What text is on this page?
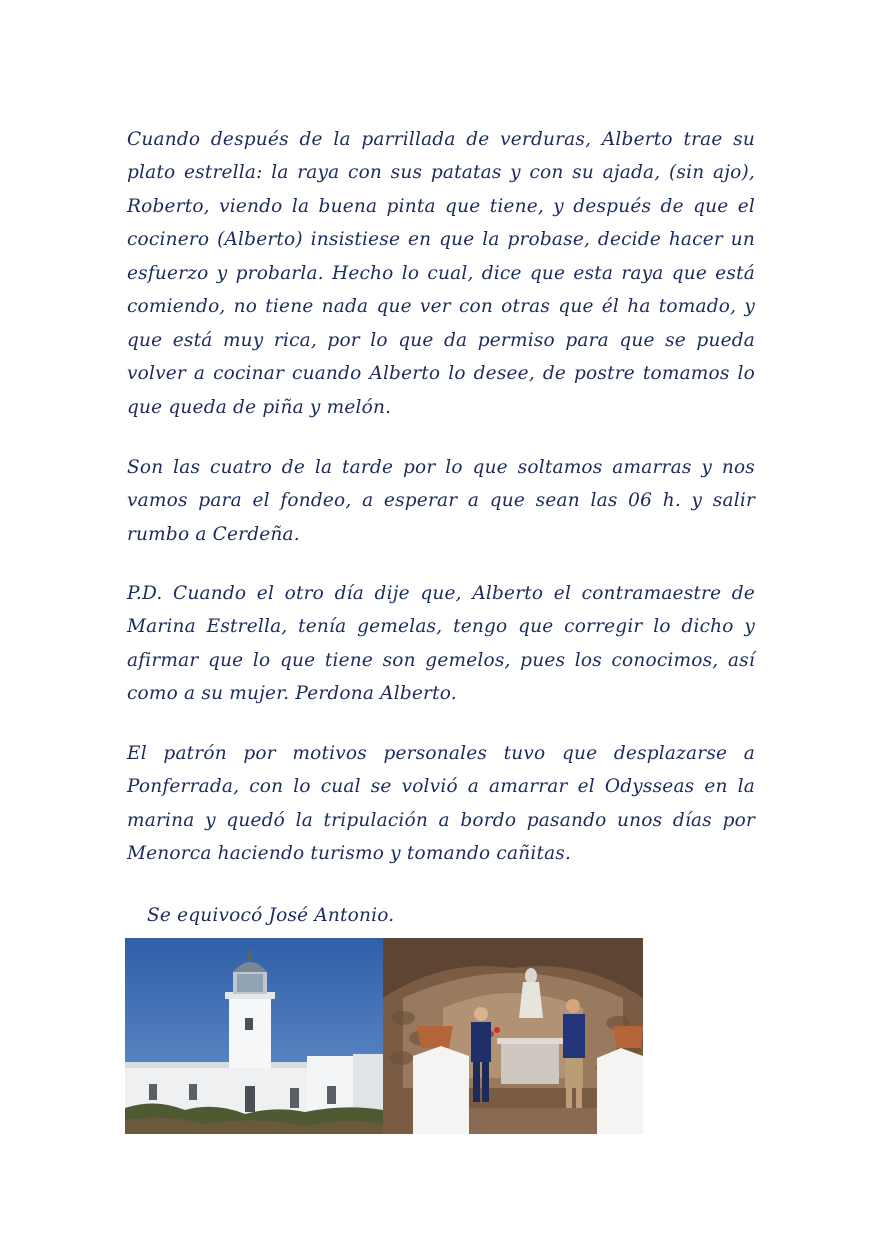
Cuando después de la parrillada de verduras, Alberto trae su plato estrella: la raya con sus patatas y con su ajada, (sin ajo), Roberto, viendo la buena pinta que tiene, y después de que el cocinero (Alberto) insistiese en que la probase, decide hacer un esfuerzo y probarla. Hecho lo cual, dice que esta raya que está comiendo, no tiene nada que ver con otras que él ha tomado, y que está muy rica, por lo que da permiso para que se pueda volver a cocinar cuando Alberto lo desee, de postre tomamos lo que queda de piña y melón.

Son las cuatro de la tarde por lo que soltamos amarras y nos vamos para el fondeo, a esperar a que sean las 06 h. y salir rumbo a Cerdeña.

P.D. Cuando el otro día dije que, Alberto el contramaestre de Marina Estrella, tenía gemelas, tengo que corregir lo dicho y afirmar que lo que tiene son gemelos, pues los conocimos, así como a su mujer. Perdona Alberto.

El patrón por motivos personales tuvo que desplazarse a Ponferrada, con lo cual se volvió a amarrar el Odysseas en la marina y quedó la tripulación a bordo pasando unos días por Menorca haciendo turismo y tomando cañitas.

Se equivocó José Antonio.
